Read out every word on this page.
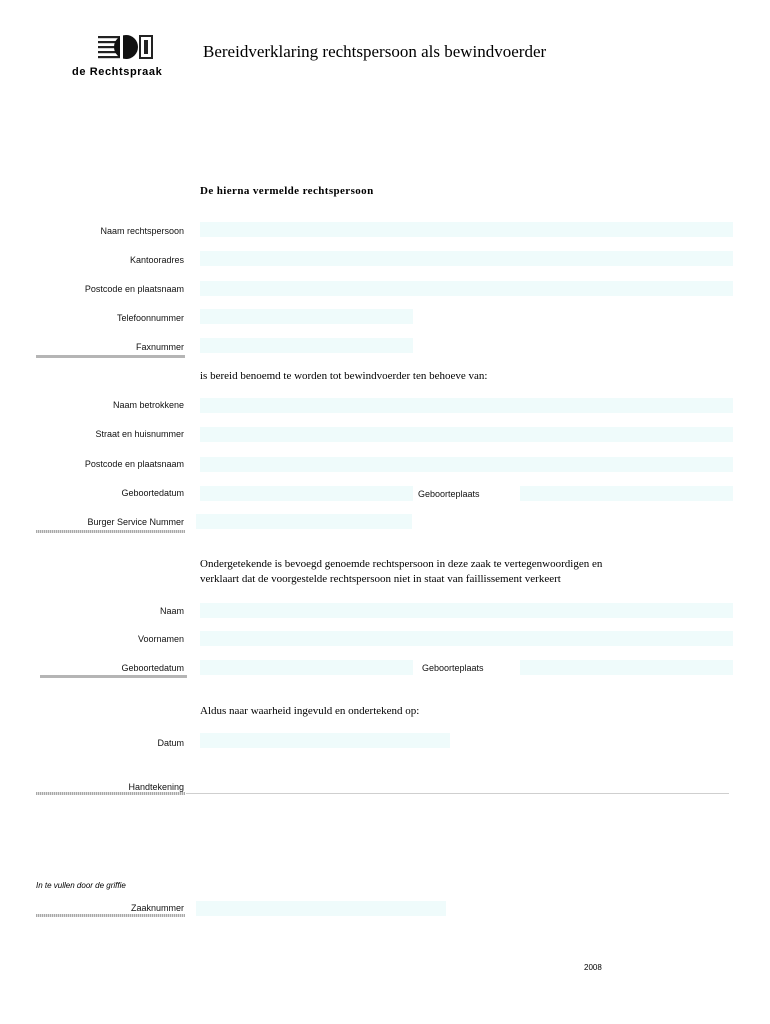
de Rechtspraak
Bereidverklaring rechtspersoon als bewindvoerder
De hierna vermelde rechtspersoon
Naam rechtspersoon
Kantooradres
Postcode en plaatsnaam
Telefoonnummer
Faxnummer
is bereid benoemd te worden tot bewindvoerder ten behoeve van:
Naam betrokkene
Straat en huisnummer
Postcode en plaatsnaam
Geboortedatum	Geboorteplaats
Burger Service Nummer
Ondergetekende is bevoegd genoemde rechtspersoon in deze zaak te vertegenwoordigen en
verklaart dat de voorgestelde rechtspersoon niet in staat van faillissement verkeert
Naam
Voornamen
Geboortedatum	Geboorteplaats
Aldus naar waarheid ingevuld en ondertekend op:
Datum
Handtekening
In te vullen door de griffie
Zaaknummer
2008
